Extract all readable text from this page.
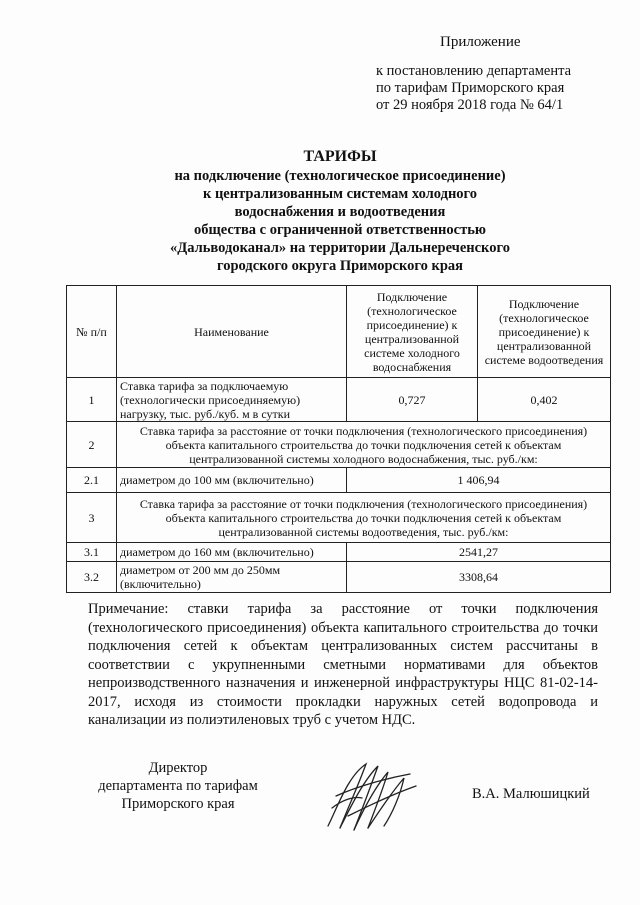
Приложение
к постановлению департамента
по тарифам Приморского края
от 29 ноября 2018 года № 64/1
ТАРИФЫ
на подключение (технологическое присоединение)
к централизованным системам холодного
водоснабжения и водоотведения
общества с ограниченной ответственностью
«Дальводоканал» на территории Дальнереченского
городского округа Приморского края
№ п/п	Наименование	Подключение (технологическое присоединение) к централизованной системе холодного водоснабжения	Подключение (технологическое присоединение) к централизованной системе водоотведения
1	Ставка тарифа за подключаемую (технологически присоединяемую) нагрузку, тыс. руб./куб. м в сутки	0,727	0,402
2	Ставка тарифа за расстояние от точки подключения (технологического присоединения) объекта капитального строительства до точки подключения сетей к объектам централизованной системы холодного водоснабжения, тыс. руб./км:		
2.1	диаметром до 100 мм (включительно)	1 406,94	
3	Ставка тарифа за расстояние от точки подключения (технологического присоединения) объекта капитального строительства до точки подключения сетей к объектам централизованной системы водоотведения, тыс. руб./км:		
3.1	диаметром до 160 мм (включительно)	2541,27	
3.2	диаметром от 200 мм до 250мм (включительно)	3308,64	
Примечание: ставки тарифа за расстояние от точки подключения (технологического присоединения) объекта капитального строительства до точки подключения сетей к объектам централизованных систем рассчитаны в соответствии с укрупненными сметными нормативами для объектов непроизводственного назначения и инженерной инфраструктуры НЦС 81-02-14-2017, исходя из стоимости прокладки наружных сетей водопровода и канализации из полиэтиленовых труб с учетом НДС.
Директор
департамента по тарифам
Приморского края
В.А. Малюшицкий
